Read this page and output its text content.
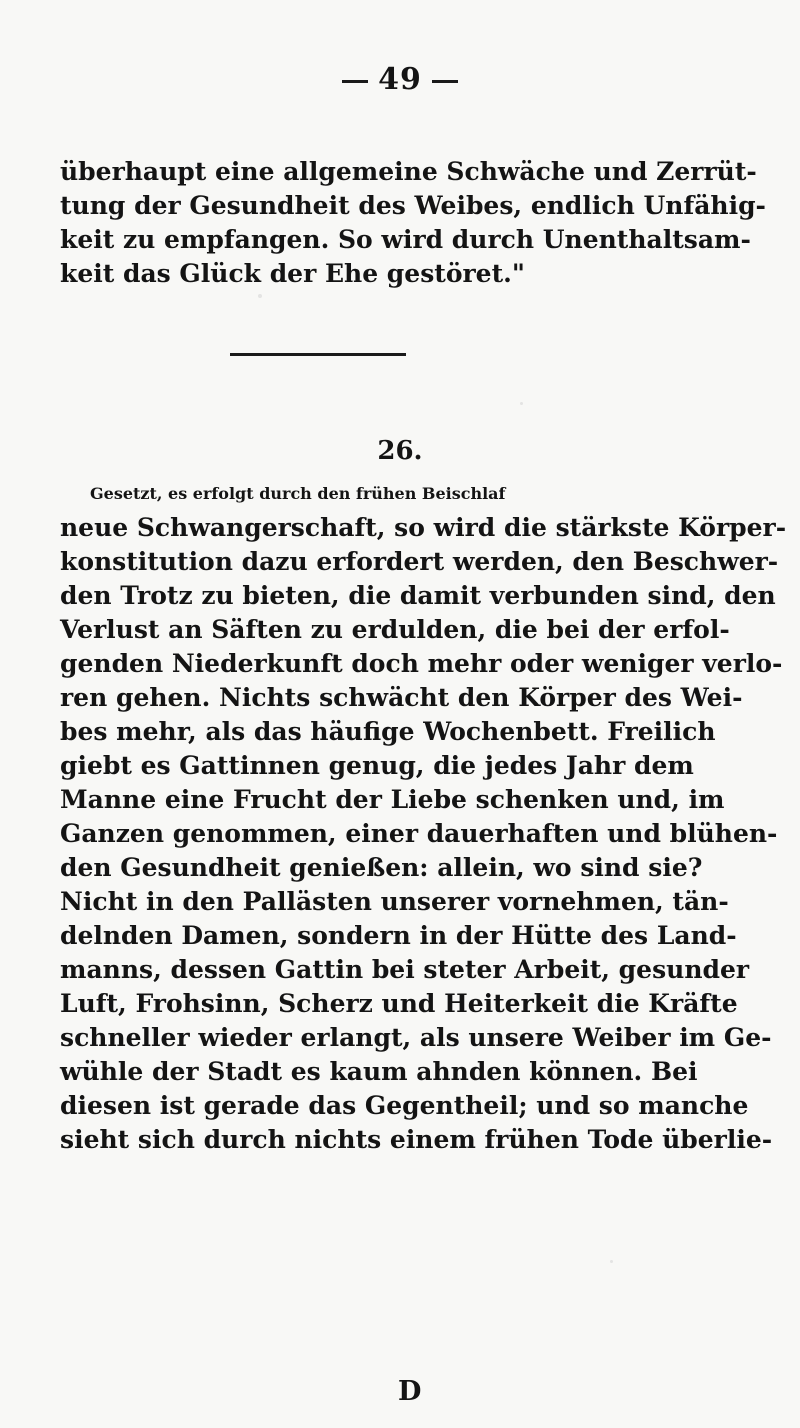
49
überhaupt eine allgemeine Schwäche und Zerrüt-
tung der Gesundheit des Weibes, endlich Unfähig-
keit zu empfangen. So wird durch Unenthaltsam-
keit das Glück der Ehe gestöret."
26.
Gesetzt, es erfolgt durch den frühen Beischlaf
neue Schwangerschaft, so wird die stärkste Körper-
konstitution dazu erfordert werden, den Beschwer-
den Trotz zu bieten, die damit verbunden sind, den
Verlust an Säften zu erdulden, die bei der erfol-
genden Niederkunft doch mehr oder weniger verlo-
ren gehen. Nichts schwächt den Körper des Wei-
bes mehr, als das häufige Wochenbett. Freilich
giebt es Gattinnen genug, die jedes Jahr dem
Manne eine Frucht der Liebe schenken und, im
Ganzen genommen, einer dauerhaften und blühen-
den Gesundheit genießen: allein, wo sind sie?
Nicht in den Pallästen unserer vornehmen, tän-
delnden Damen, sondern in der Hütte des Land-
manns, dessen Gattin bei steter Arbeit, gesunder
Luft, Frohsinn, Scherz und Heiterkeit die Kräfte
schneller wieder erlangt, als unsere Weiber im Ge-
wühle der Stadt es kaum ahnden können. Bei
diesen ist gerade das Gegentheil; und so manche
sieht sich durch nichts einem frühen Tode überlie-
D
